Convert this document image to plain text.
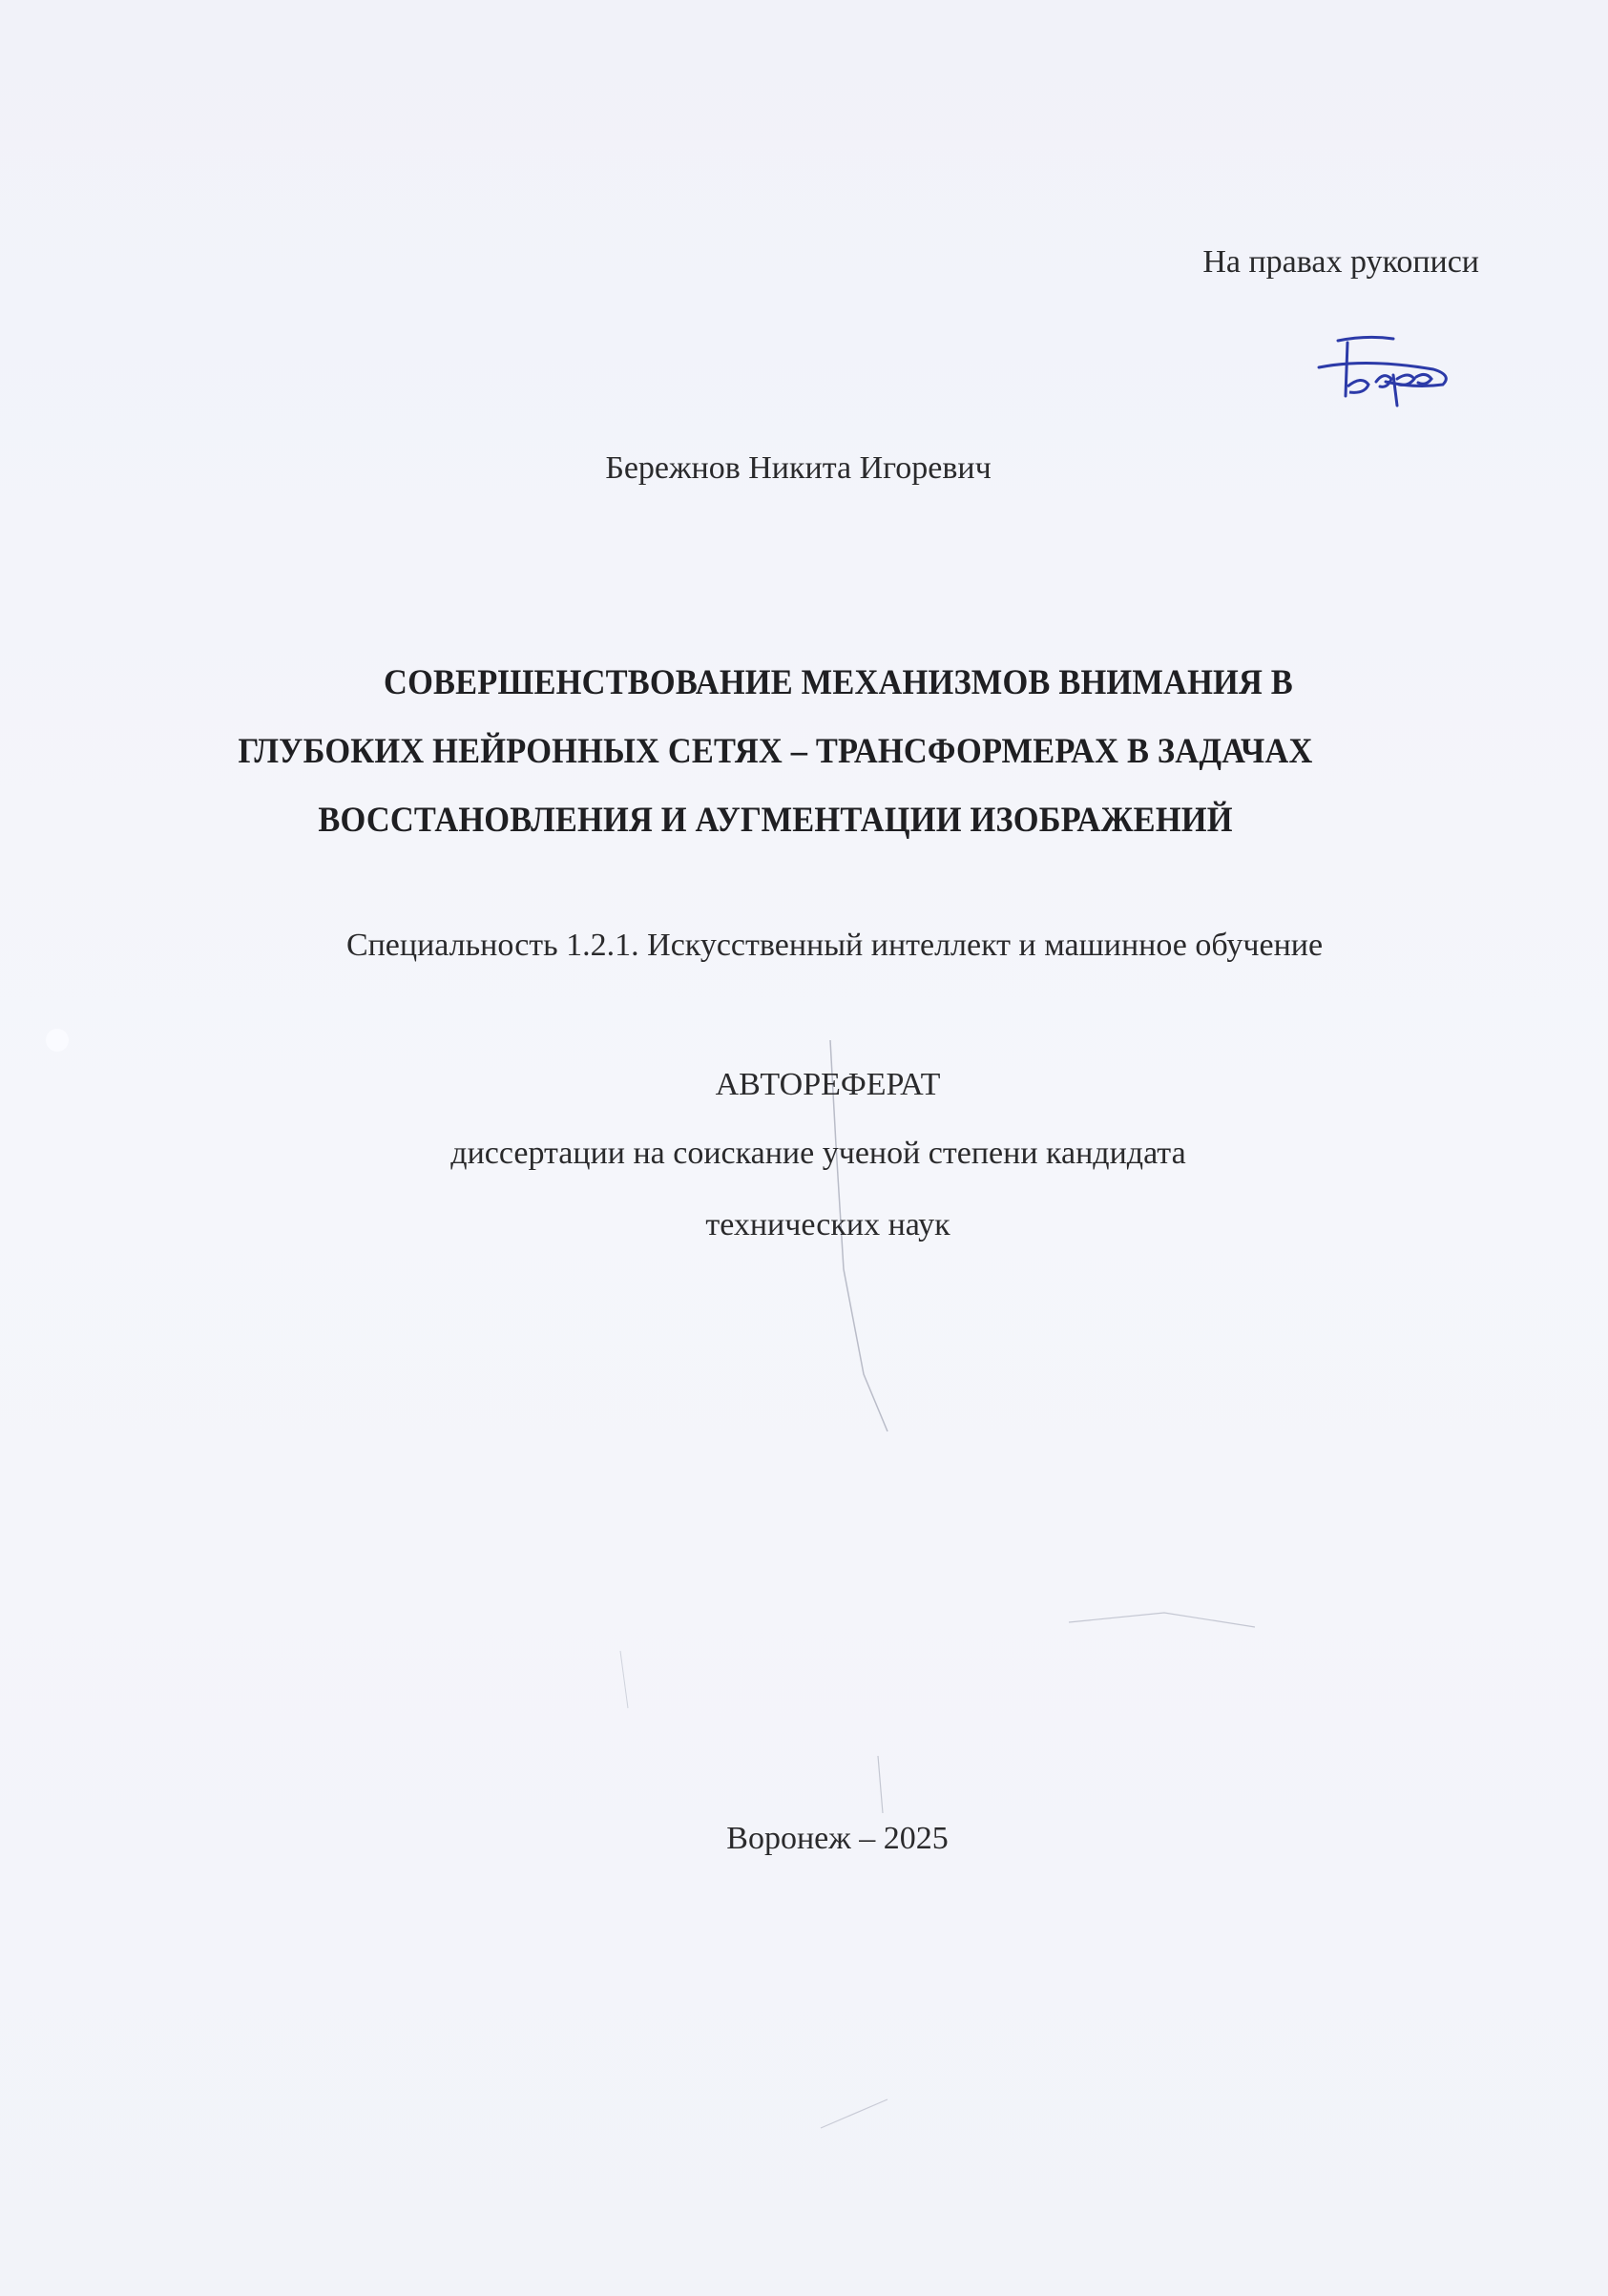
На правах рукописи
Бережнов Никита Игоревич
СОВЕРШЕНСТВОВАНИЕ МЕХАНИЗМОВ ВНИМАНИЯ В
ГЛУБОКИХ НЕЙРОННЫХ СЕТЯХ – ТРАНСФОРМЕРАХ В ЗАДАЧАХ
ВОССТАНОВЛЕНИЯ И АУГМЕНТАЦИИ ИЗОБРАЖЕНИЙ
Специальность 1.2.1. Искусственный интеллект и машинное обучение
АВТОРЕФЕРАТ
диссертации на соискание ученой степени кандидата
технических наук
Воронеж – 2025
